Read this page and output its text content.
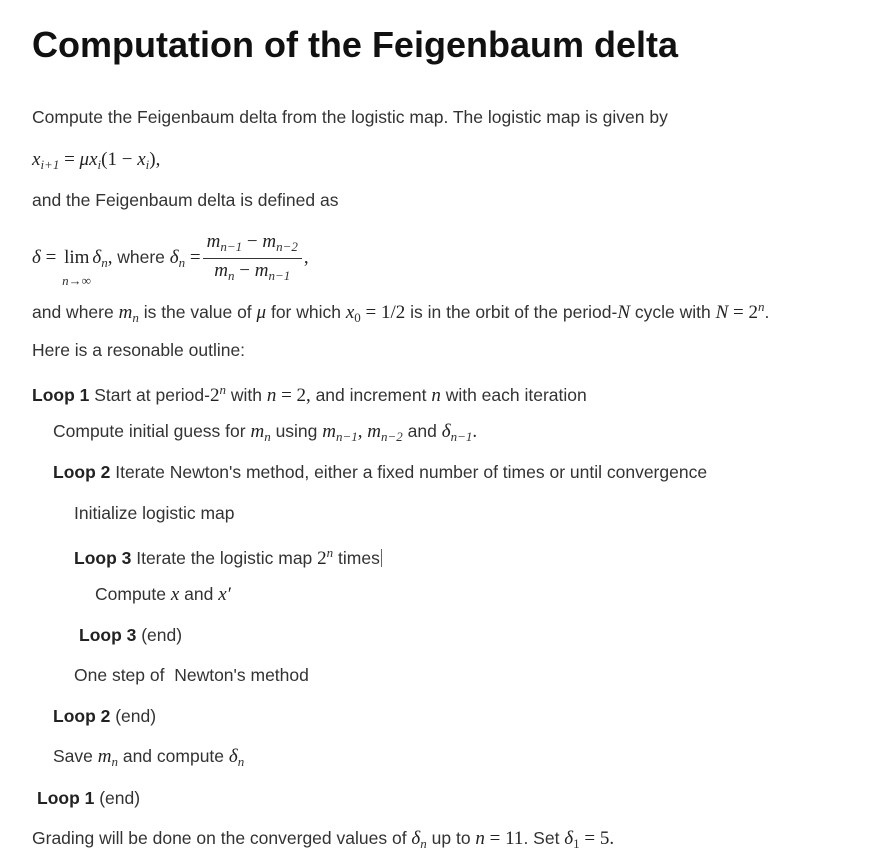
Computation of the Feigenbaum delta
Compute the Feigenbaum delta from the logistic map. The logistic map is given by
$x_{i+1} = \mu x_i(1 - x_i)$,
and the Feigenbaum delta is defined as
δ = lim
n→∞
$\delta_n$, where $\delta_n = \frac{m_{n-1} - m_{n-2}}{m_n - m_{n-1}}$ ,
and where $m_n$ is the value of μ for which $x_0 = 1/2$ is in the orbit of the period-N cycle with $N = 2^n$.
Here is a resonable outline:
Loop 1 Start at period-2$^n$ with n = 2, and increment n with each iteration
Compute initial guess for $m_n$ using $m_{n-1}$, $m_{n-2}$ and $\delta_{n-1}$.
Loop 2 Iterate Newton's method, either a fixed number of times or until convergence
Initialize logistic map
Loop 3 Iterate the logistic map 2$^n$ times
Compute x and x′
Loop 3 (end)
One step of  Newton's method
Loop 2 (end)
Save $m_n$ and compute $\delta_n$
Loop 1 (end)
Grading will be done on the converged values of $\delta_n$ up to n = 11. Set $\delta_1 = 5$.
